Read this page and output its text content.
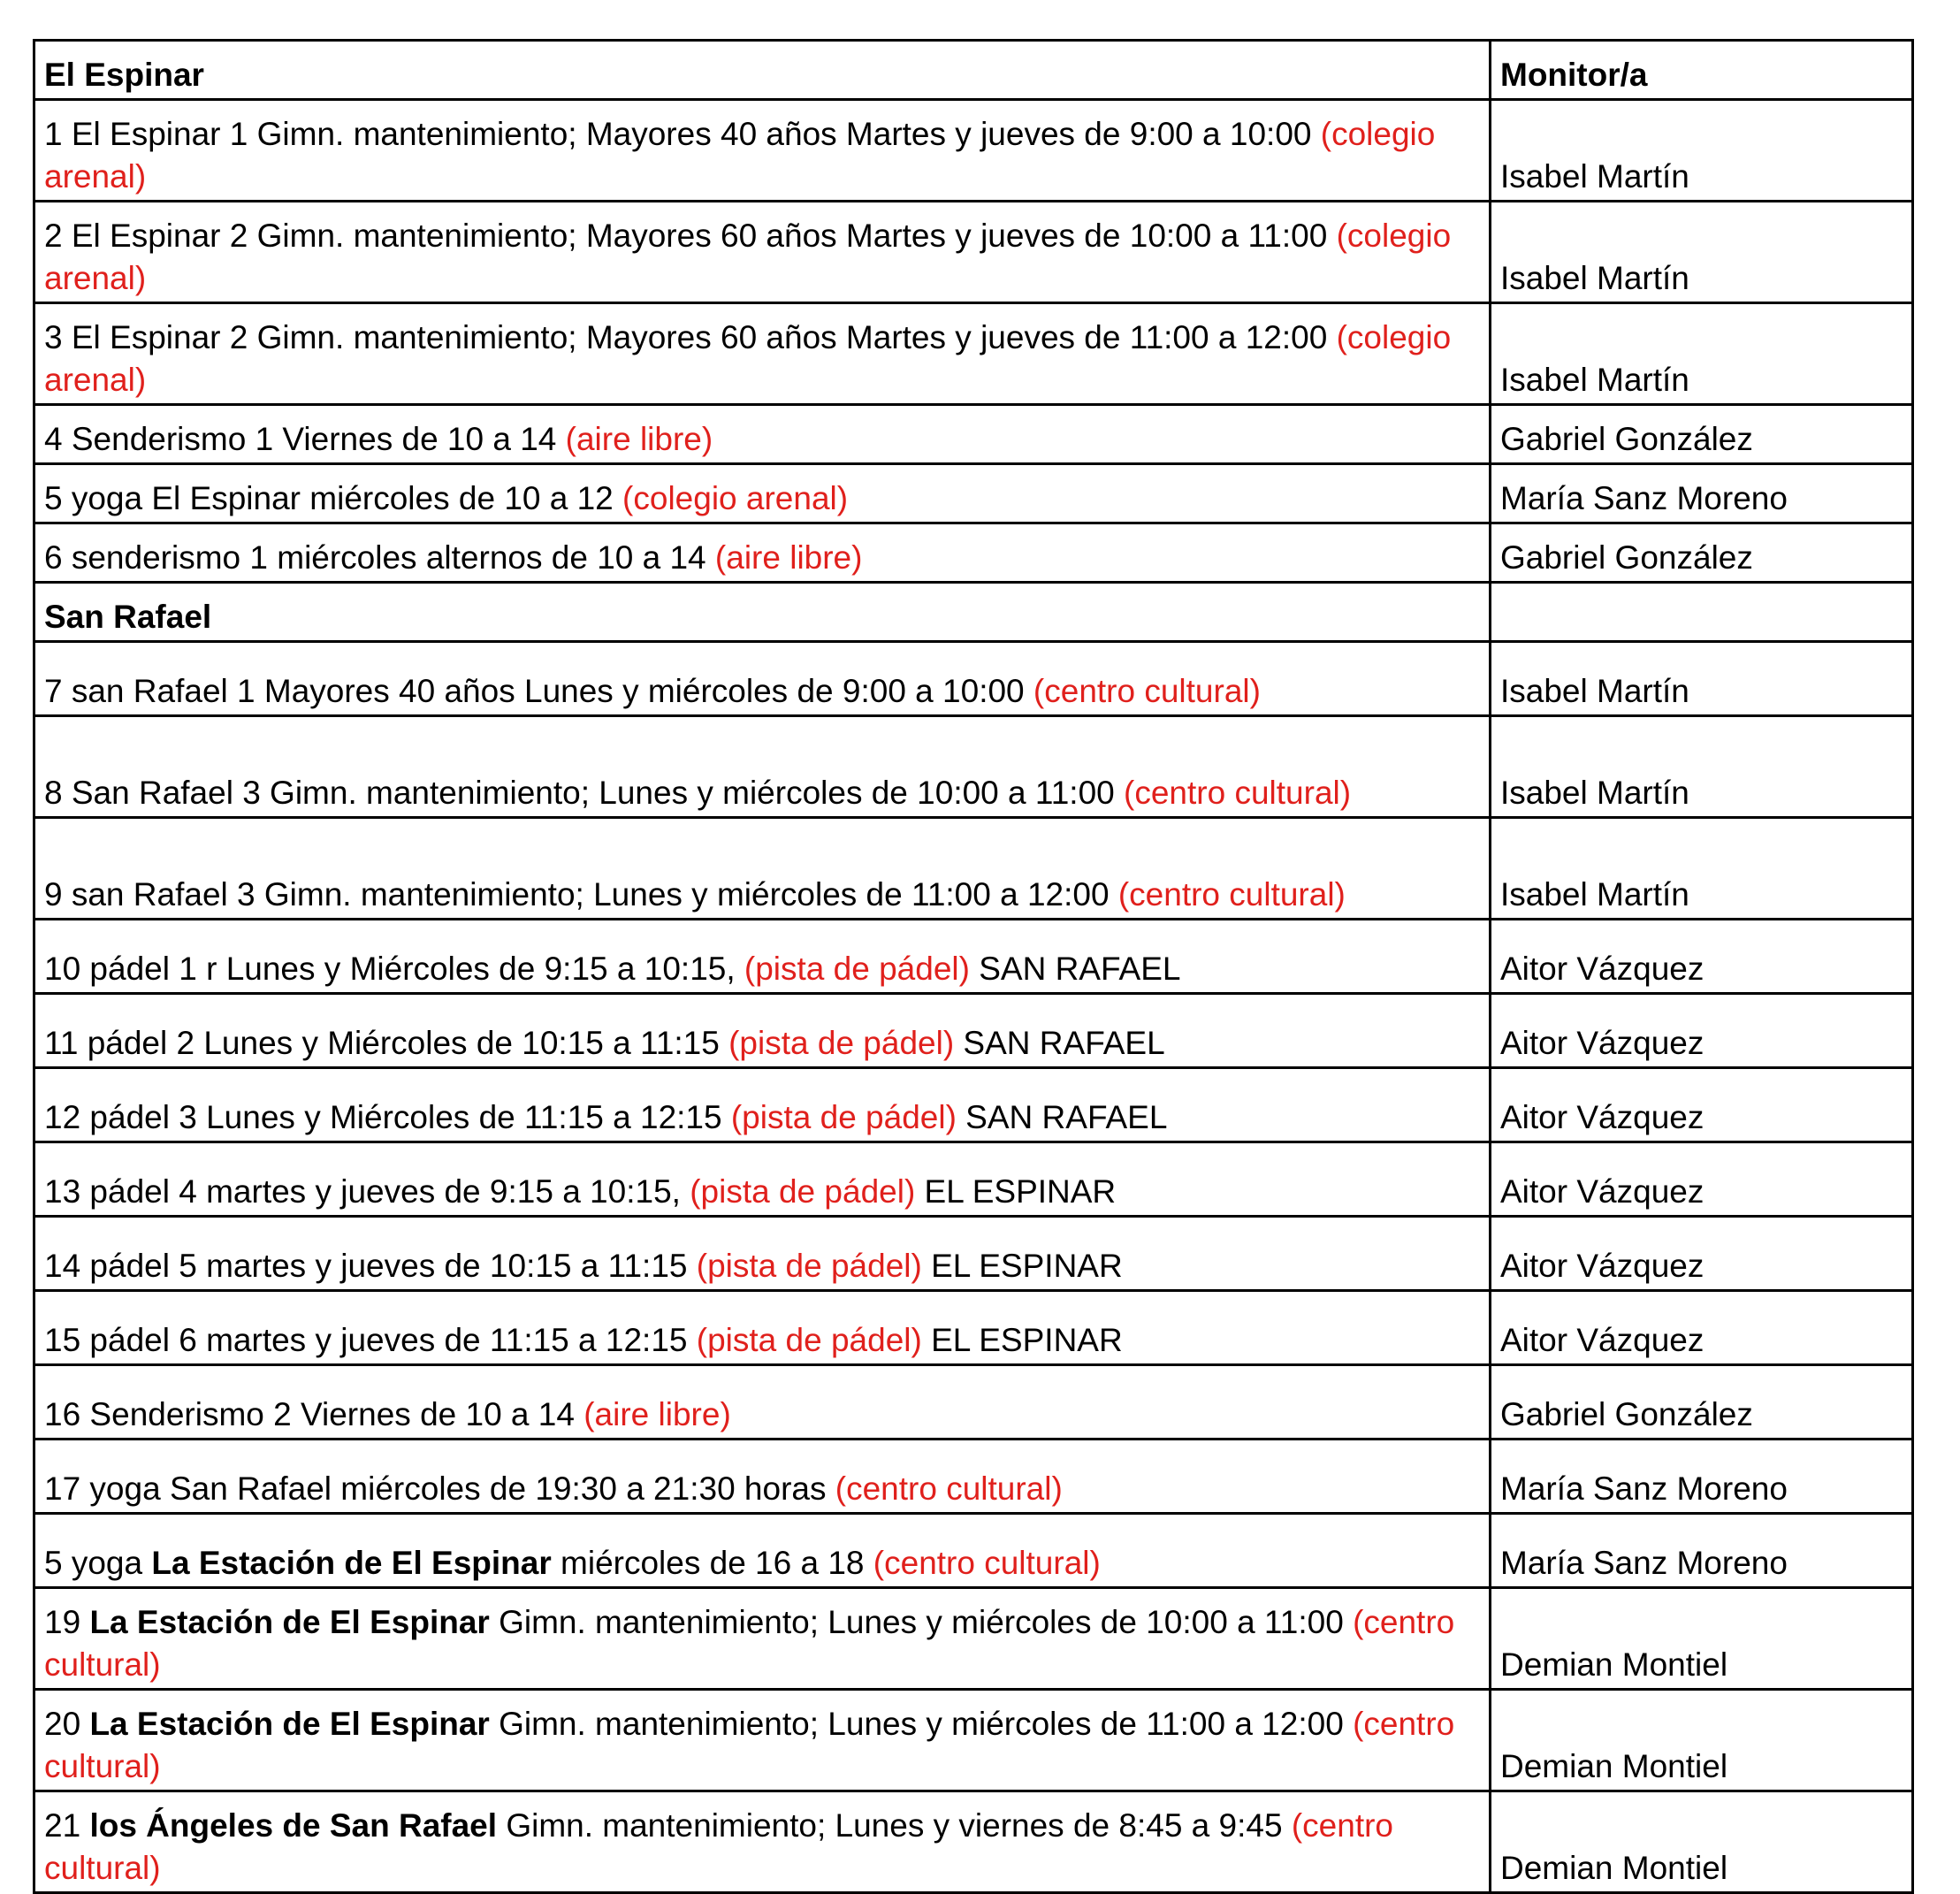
El Espinar	Monitor/a
1 El Espinar 1 Gimn. mantenimiento; Mayores 40 años Martes y jueves de 9:00 a 10:00 (colegio arenal)	Isabel Martín
2 El Espinar 2 Gimn. mantenimiento; Mayores 60 años Martes y jueves de 10:00 a 11:00 (colegio arenal)	Isabel Martín
3 El Espinar 2 Gimn. mantenimiento; Mayores 60 años Martes y jueves de 11:00 a 12:00 (colegio arenal)	Isabel Martín
4 Senderismo 1 Viernes de 10 a 14 (aire libre)	Gabriel González
5 yoga El Espinar miércoles de 10 a 12 (colegio arenal)	María Sanz Moreno
6 senderismo 1 miércoles alternos de 10 a 14 (aire libre)	Gabriel González
San Rafael	
7 san Rafael 1 Mayores 40 años Lunes y miércoles de 9:00 a 10:00 (centro cultural)	Isabel Martín
8 San Rafael 3 Gimn. mantenimiento; Lunes y miércoles de 10:00 a 11:00 (centro cultural)	Isabel Martín
9 san Rafael 3 Gimn. mantenimiento; Lunes y miércoles de 11:00 a 12:00 (centro cultural)	Isabel Martín
10 pádel 1 r Lunes y Miércoles de 9:15 a 10:15, (pista de pádel) SAN RAFAEL	Aitor Vázquez
11 pádel 2 Lunes y Miércoles de 10:15 a 11:15 (pista de pádel) SAN RAFAEL	Aitor Vázquez
12 pádel 3 Lunes y Miércoles de 11:15 a 12:15 (pista de pádel) SAN RAFAEL	Aitor Vázquez
13 pádel 4 martes y jueves de 9:15 a 10:15, (pista de pádel) EL ESPINAR	Aitor Vázquez
14 pádel 5 martes y jueves de 10:15 a 11:15 (pista de pádel) EL ESPINAR	Aitor Vázquez
15 pádel 6 martes y jueves de 11:15 a 12:15 (pista de pádel) EL ESPINAR	Aitor Vázquez
16 Senderismo 2 Viernes de 10 a 14 (aire libre)	Gabriel González
17 yoga San Rafael miércoles de 19:30 a 21:30 horas (centro cultural)	María Sanz Moreno
5 yoga La Estación de El Espinar miércoles de 16 a 18 (centro cultural)	María Sanz Moreno
19 La Estación de El Espinar Gimn. mantenimiento; Lunes y miércoles de 10:00 a 11:00 (centro cultural)	Demian Montiel
20 La Estación de El Espinar Gimn. mantenimiento; Lunes y miércoles de 11:00 a 12:00 (centro cultural)	Demian Montiel
21 los Ángeles de San Rafael Gimn. mantenimiento; Lunes y viernes de 8:45 a 9:45 (centro cultural)	Demian Montiel
